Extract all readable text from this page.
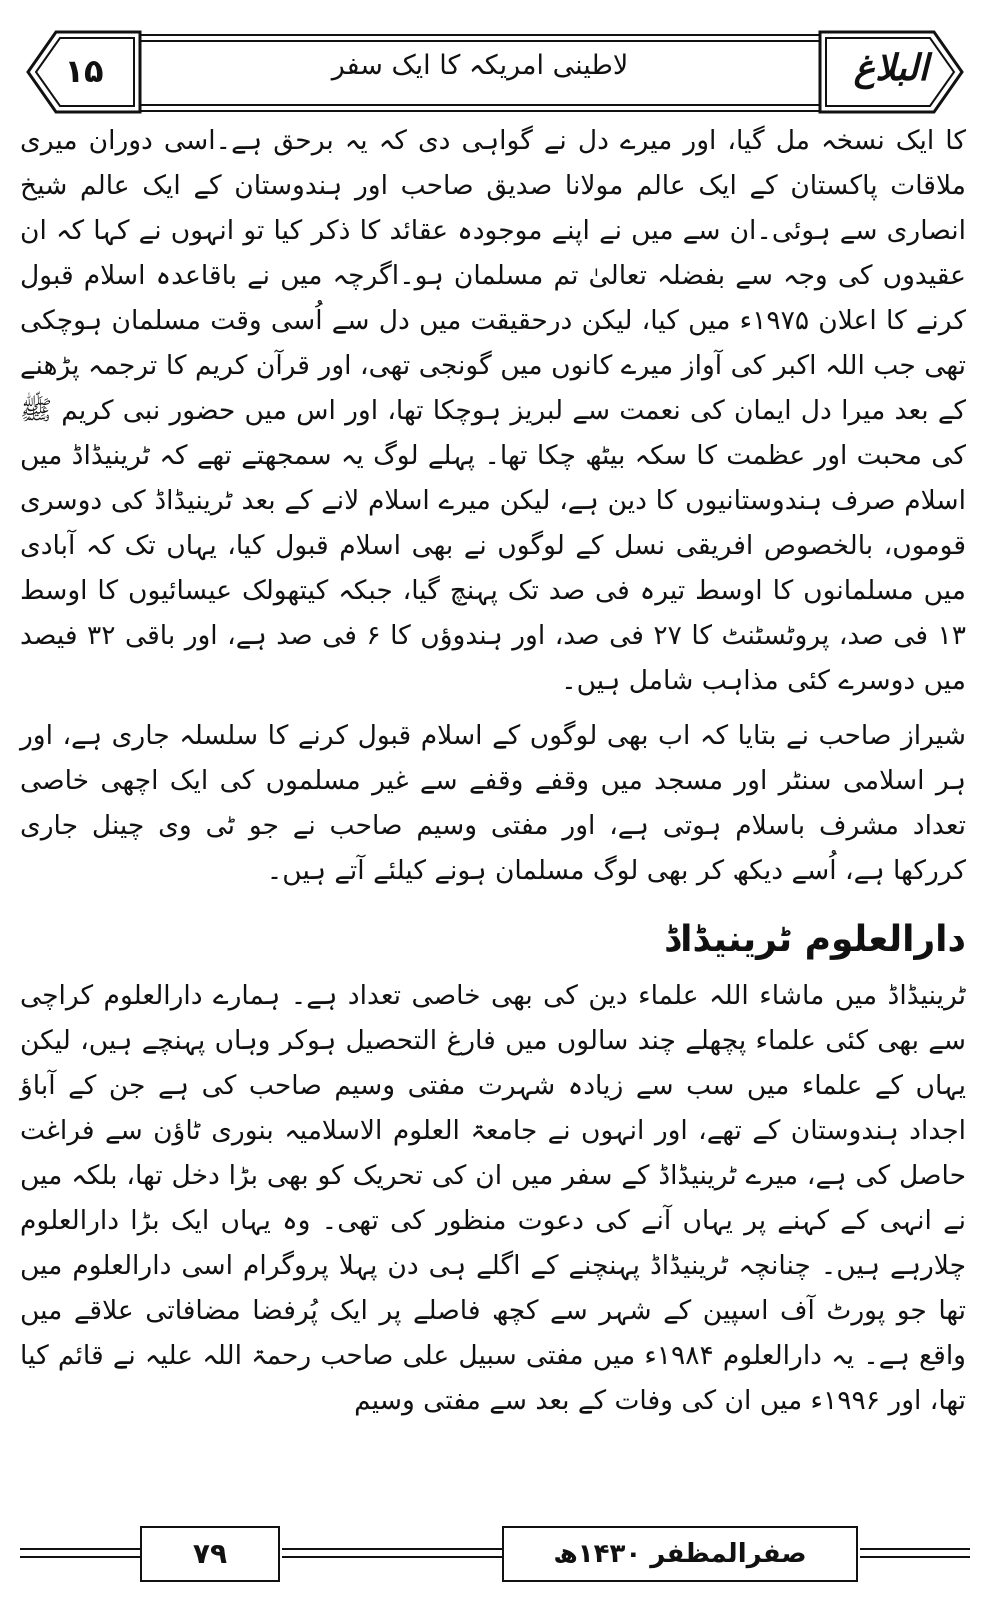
۱۵	لاطینی امریکہ کا ایک سفر	البلاغ

کا ایک نسخہ مل گیا، اور میرے دل نے گواہی دی کہ یہ برحق ہے۔اسی دوران میری ملاقات پاکستان کے ایک عالم مولانا صدیق صاحب اور ہندوستان کے ایک عالم شیخ انصاری سے ہوئی۔ان سے میں نے اپنے موجودہ عقائد کا ذکر کیا تو انہوں نے کہا کہ ان عقیدوں کی وجہ سے بفضلہ تعالیٰ تم مسلمان ہو۔اگرچہ میں نے باقاعدہ اسلام قبول کرنے کا اعلان ۱۹۷۵ء میں کیا، لیکن درحقیقت میں دل سے اُسی وقت مسلمان ہوچکی تھی جب اللہ اکبر کی آواز میرے کانوں میں گونجی تھی، اور قرآن کریم کا ترجمہ پڑھنے کے بعد میرا دل ایمان کی نعمت سے لبریز ہوچکا تھا، اور اس میں حضور نبی کریم ﷺ کی محبت اور عظمت کا سکہ بیٹھ چکا تھا۔ پہلے لوگ یہ سمجھتے تھے کہ ٹرینیڈاڈ میں اسلام صرف ہندوستانیوں کا دین ہے، لیکن میرے اسلام لانے کے بعد ٹرینیڈاڈ کی دوسری قوموں، بالخصوص افریقی نسل کے لوگوں نے بھی اسلام قبول کیا، یہاں تک کہ آبادی میں مسلمانوں کا اوسط تیرہ فی صد تک پہنچ گیا، جبکہ کیتھولک عیسائیوں کا اوسط ۱۳ فی صد، پروٹسٹنٹ کا ۲۷ فی صد، اور ہندوؤں کا ۶ فی صد ہے، اور باقی ۳۲ فیصد میں دوسرے کئی مذاہب شامل ہیں۔

شیراز صاحب نے بتایا کہ اب بھی لوگوں کے اسلام قبول کرنے کا سلسلہ جاری ہے، اور ہر اسلامی سنٹر اور مسجد میں وقفے وقفے سے غیر مسلموں کی ایک اچھی خاصی تعداد مشرف باسلام ہوتی ہے، اور مفتی وسیم صاحب نے جو ٹی وی چینل جاری کررکھا ہے، اُسے دیکھ کر بھی لوگ مسلمان ہونے کیلئے آتے ہیں۔

دارالعلوم ٹرینیڈاڈ

ٹرینیڈاڈ میں ماشاء اللہ علماء دین کی بھی خاصی تعداد ہے۔ ہمارے دارالعلوم کراچی سے بھی کئی علماء پچھلے چند سالوں میں فارغ التحصیل ہوکر وہاں پہنچے ہیں، لیکن یہاں کے علماء میں سب سے زیادہ شہرت مفتی وسیم صاحب کی ہے جن کے آباؤ اجداد ہندوستان کے تھے، اور انہوں نے جامعۃ العلوم الاسلامیہ بنوری ٹاؤن سے فراغت حاصل کی ہے، میرے ٹرینیڈاڈ کے سفر میں ان کی تحریک کو بھی بڑا دخل تھا، بلکہ میں نے انہی کے کہنے پر یہاں آنے کی دعوت منظور کی تھی۔ وہ یہاں ایک بڑا دارالعلوم چلارہے ہیں۔ چنانچہ ٹرینیڈاڈ پہنچنے کے اگلے ہی دن پہلا پروگرام اسی دارالعلوم میں تھا جو پورٹ آف اسپین کے شہر سے کچھ فاصلے پر ایک پُرفضا مضافاتی علاقے میں واقع ہے۔ یہ دارالعلوم ۱۹۸۴ء میں مفتی سبیل علی صاحب رحمۃ اللہ علیہ نے قائم کیا تھا، اور ۱۹۹۶ء میں ان کی وفات کے بعد سے مفتی وسیم

۷۹	صفرالمظفر ۱۴۳۰ھ
